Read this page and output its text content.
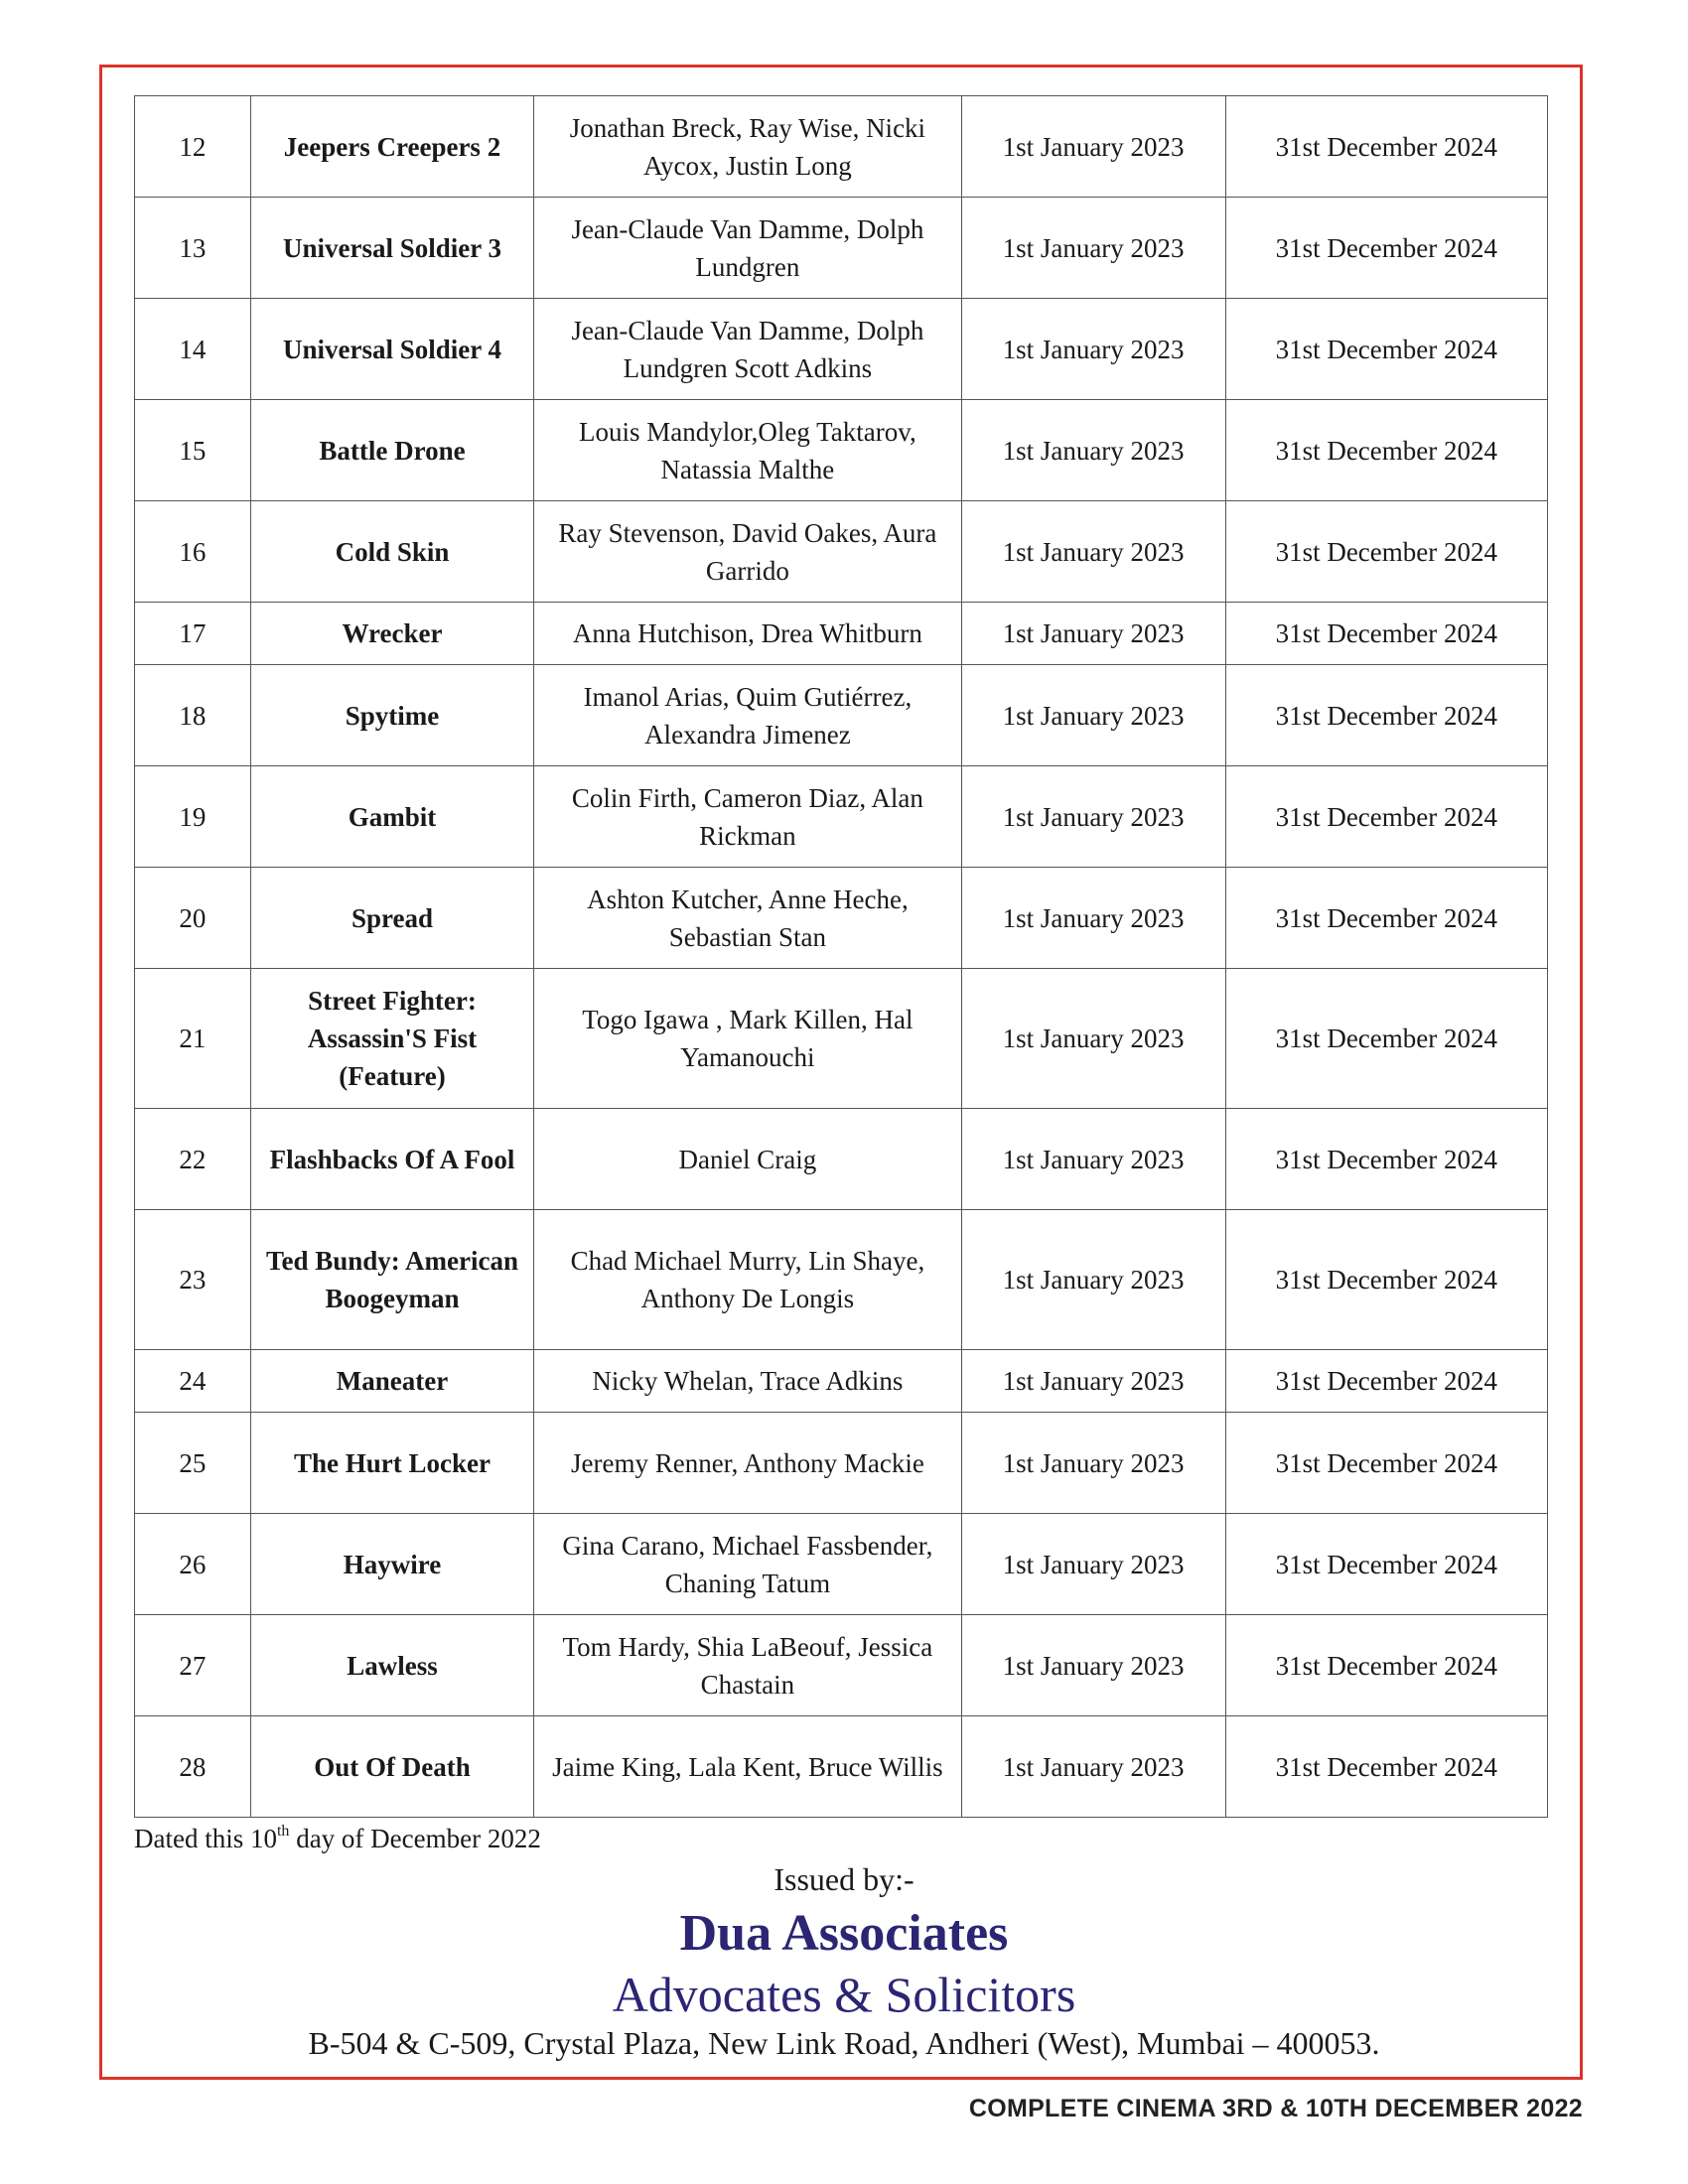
12	Jeepers Creepers 2	Jonathan Breck, Ray Wise, Nicki Aycox, Justin Long	1st January 2023	31st December 2024
13	Universal Soldier 3	Jean-Claude Van Damme, Dolph Lundgren	1st January 2023	31st December 2024
14	Universal Soldier 4	Jean-Claude Van Damme, Dolph Lundgren Scott Adkins	1st January 2023	31st December 2024
15	Battle Drone	Louis Mandylor,Oleg Taktarov, Natassia Malthe	1st January 2023	31st December 2024
16	Cold Skin	Ray Stevenson, David Oakes, Aura Garrido	1st January 2023	31st December 2024
17	Wrecker	Anna Hutchison, Drea Whitburn	1st January 2023	31st December 2024
18	Spytime	Imanol Arias, Quim Gutiérrez, Alexandra Jimenez	1st January 2023	31st December 2024
19	Gambit	Colin Firth, Cameron Diaz, Alan Rickman	1st January 2023	31st December 2024
20	Spread	Ashton Kutcher, Anne Heche, Sebastian Stan	1st January 2023	31st December 2024
21	Street Fighter: Assassin'S Fist (Feature)	Togo Igawa , Mark Killen, Hal Yamanouchi	1st January 2023	31st December 2024
22	Flashbacks Of A Fool	Daniel Craig	1st January 2023	31st December 2024
23	Ted Bundy: American Boogeyman	Chad Michael Murry, Lin Shaye, Anthony De Longis	1st January 2023	31st December 2024
24	Maneater	Nicky Whelan, Trace Adkins	1st January 2023	31st December 2024
25	The Hurt Locker	Jeremy Renner, Anthony Mackie	1st January 2023	31st December 2024
26	Haywire	Gina Carano, Michael Fassbender, Chaning Tatum	1st January 2023	31st December 2024
27	Lawless	Tom Hardy, Shia LaBeouf, Jessica Chastain	1st January 2023	31st December 2024
28	Out Of Death	Jaime King, Lala Kent, Bruce Willis	1st January 2023	31st December 2024
Dated this 10th day of December 2022
Issued by:-
Dua Associates
Advocates & Solicitors
B-504 & C-509, Crystal Plaza, New Link Road, Andheri (West), Mumbai – 400053.
COMPLETE CINEMA 3RD & 10TH DECEMBER 2022
